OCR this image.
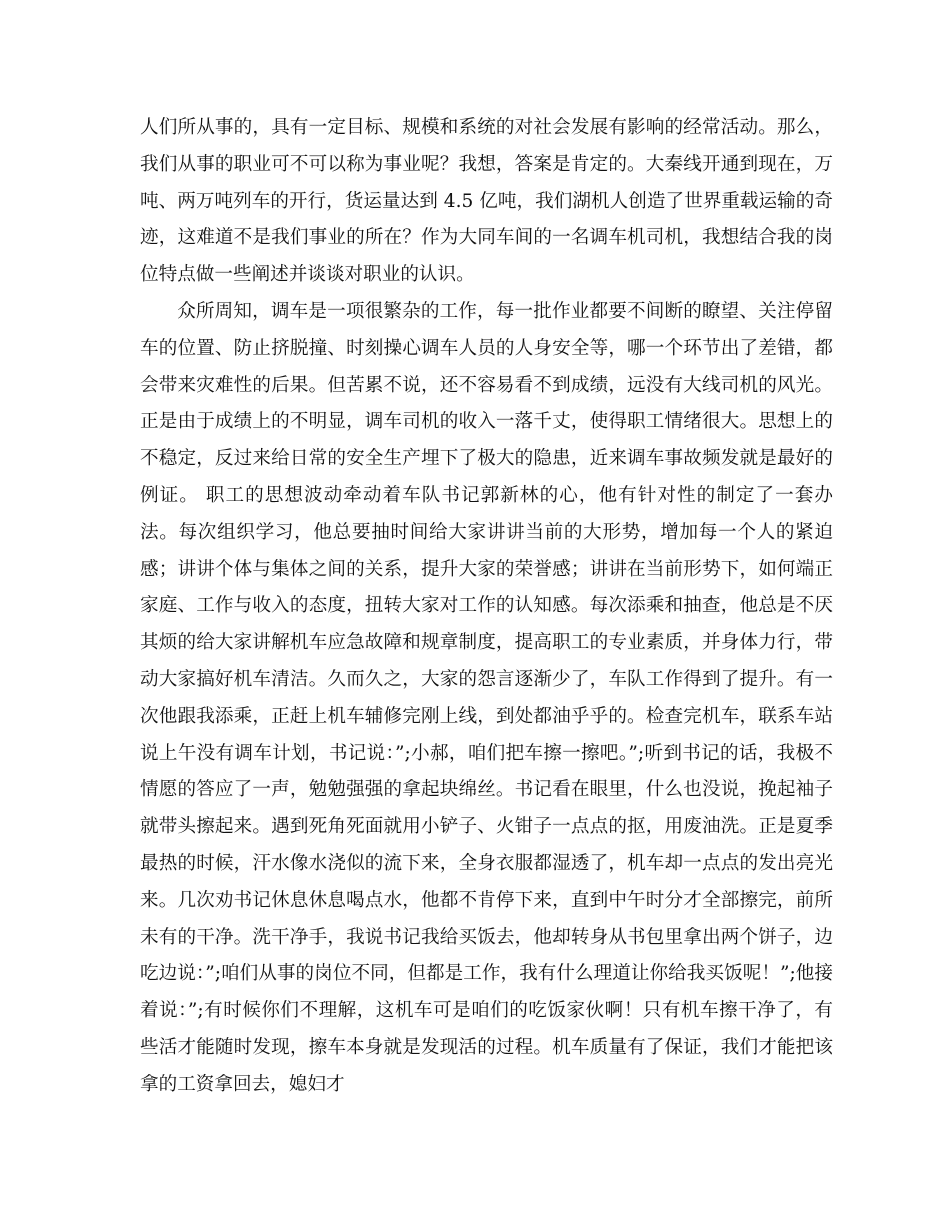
人们所从事的，具有一定目标、规模和系统的对社会发展有影响的经常活动。那么，我们从事的职业可不可以称为事业呢？我想，答案是肯定的。大秦线开通到现在，万吨、两万吨列车的开行，货运量达到 4.5 亿吨，我们湖机人创造了世界重载运输的奇迹，这难道不是我们事业的所在？作为大同车间的一名调车机司机，我想结合我的岗位特点做一些阐述并谈谈对职业的认识。

众所周知，调车是一项很繁杂的工作，每一批作业都要不间断的瞭望、关注停留车的位置、防止挤脱撞、时刻操心调车人员的人身安全等，哪一个环节出了差错，都会带来灾难性的后果。但苦累不说，还不容易看不到成绩，远没有大线司机的风光。正是由于成绩上的不明显，调车司机的收入一落千丈，使得职工情绪很大。思想上的不稳定，反过来给日常的安全生产埋下了极大的隐患，近来调车事故频发就是最好的例证。 职工的思想波动牵动着车队书记郭新林的心，他有针对性的制定了一套办法。每次组织学习，他总要抽时间给大家讲讲当前的大形势，增加每一个人的紧迫感；讲讲个体与集体之间的关系，提升大家的荣誉感；讲讲在当前形势下，如何端正家庭、工作与收入的态度，扭转大家对工作的认知感。每次添乘和抽查，他总是不厌其烦的给大家讲解机车应急故障和规章制度，提高职工的专业素质，并身体力行，带动大家搞好机车清洁。久而久之，大家的怨言逐渐少了，车队工作得到了提升。有一次他跟我添乘，正赶上机车辅修完刚上线，到处都油乎乎的。检查完机车，联系车站说上午没有调车计划，书记说：”;小郝，咱们把车擦一擦吧。”;听到书记的话，我极不情愿的答应了一声，勉勉强强的拿起块绵丝。书记看在眼里，什么也没说，挽起袖子就带头擦起来。遇到死角死面就用小铲子、火钳子一点点的抠，用废油洗。正是夏季最热的时候，汗水像水浇似的流下来，全身衣服都湿透了，机车却一点点的发出亮光来。几次劝书记休息休息喝点水，他都不肯停下来，直到中午时分才全部擦完，前所未有的干净。洗干净手，我说书记我给买饭去，他却转身从书包里拿出两个饼子，边吃边说：”;咱们从事的岗位不同，但都是工作，我有什么理道让你给我买饭呢！”;他接着说：”;有时候你们不理解，这机车可是咱们的吃饭家伙啊！只有机车擦干净了，有些活才能随时发现，擦车本身就是发现活的过程。机车质量有了保证，我们才能把该拿的工资拿回去，媳妇才
